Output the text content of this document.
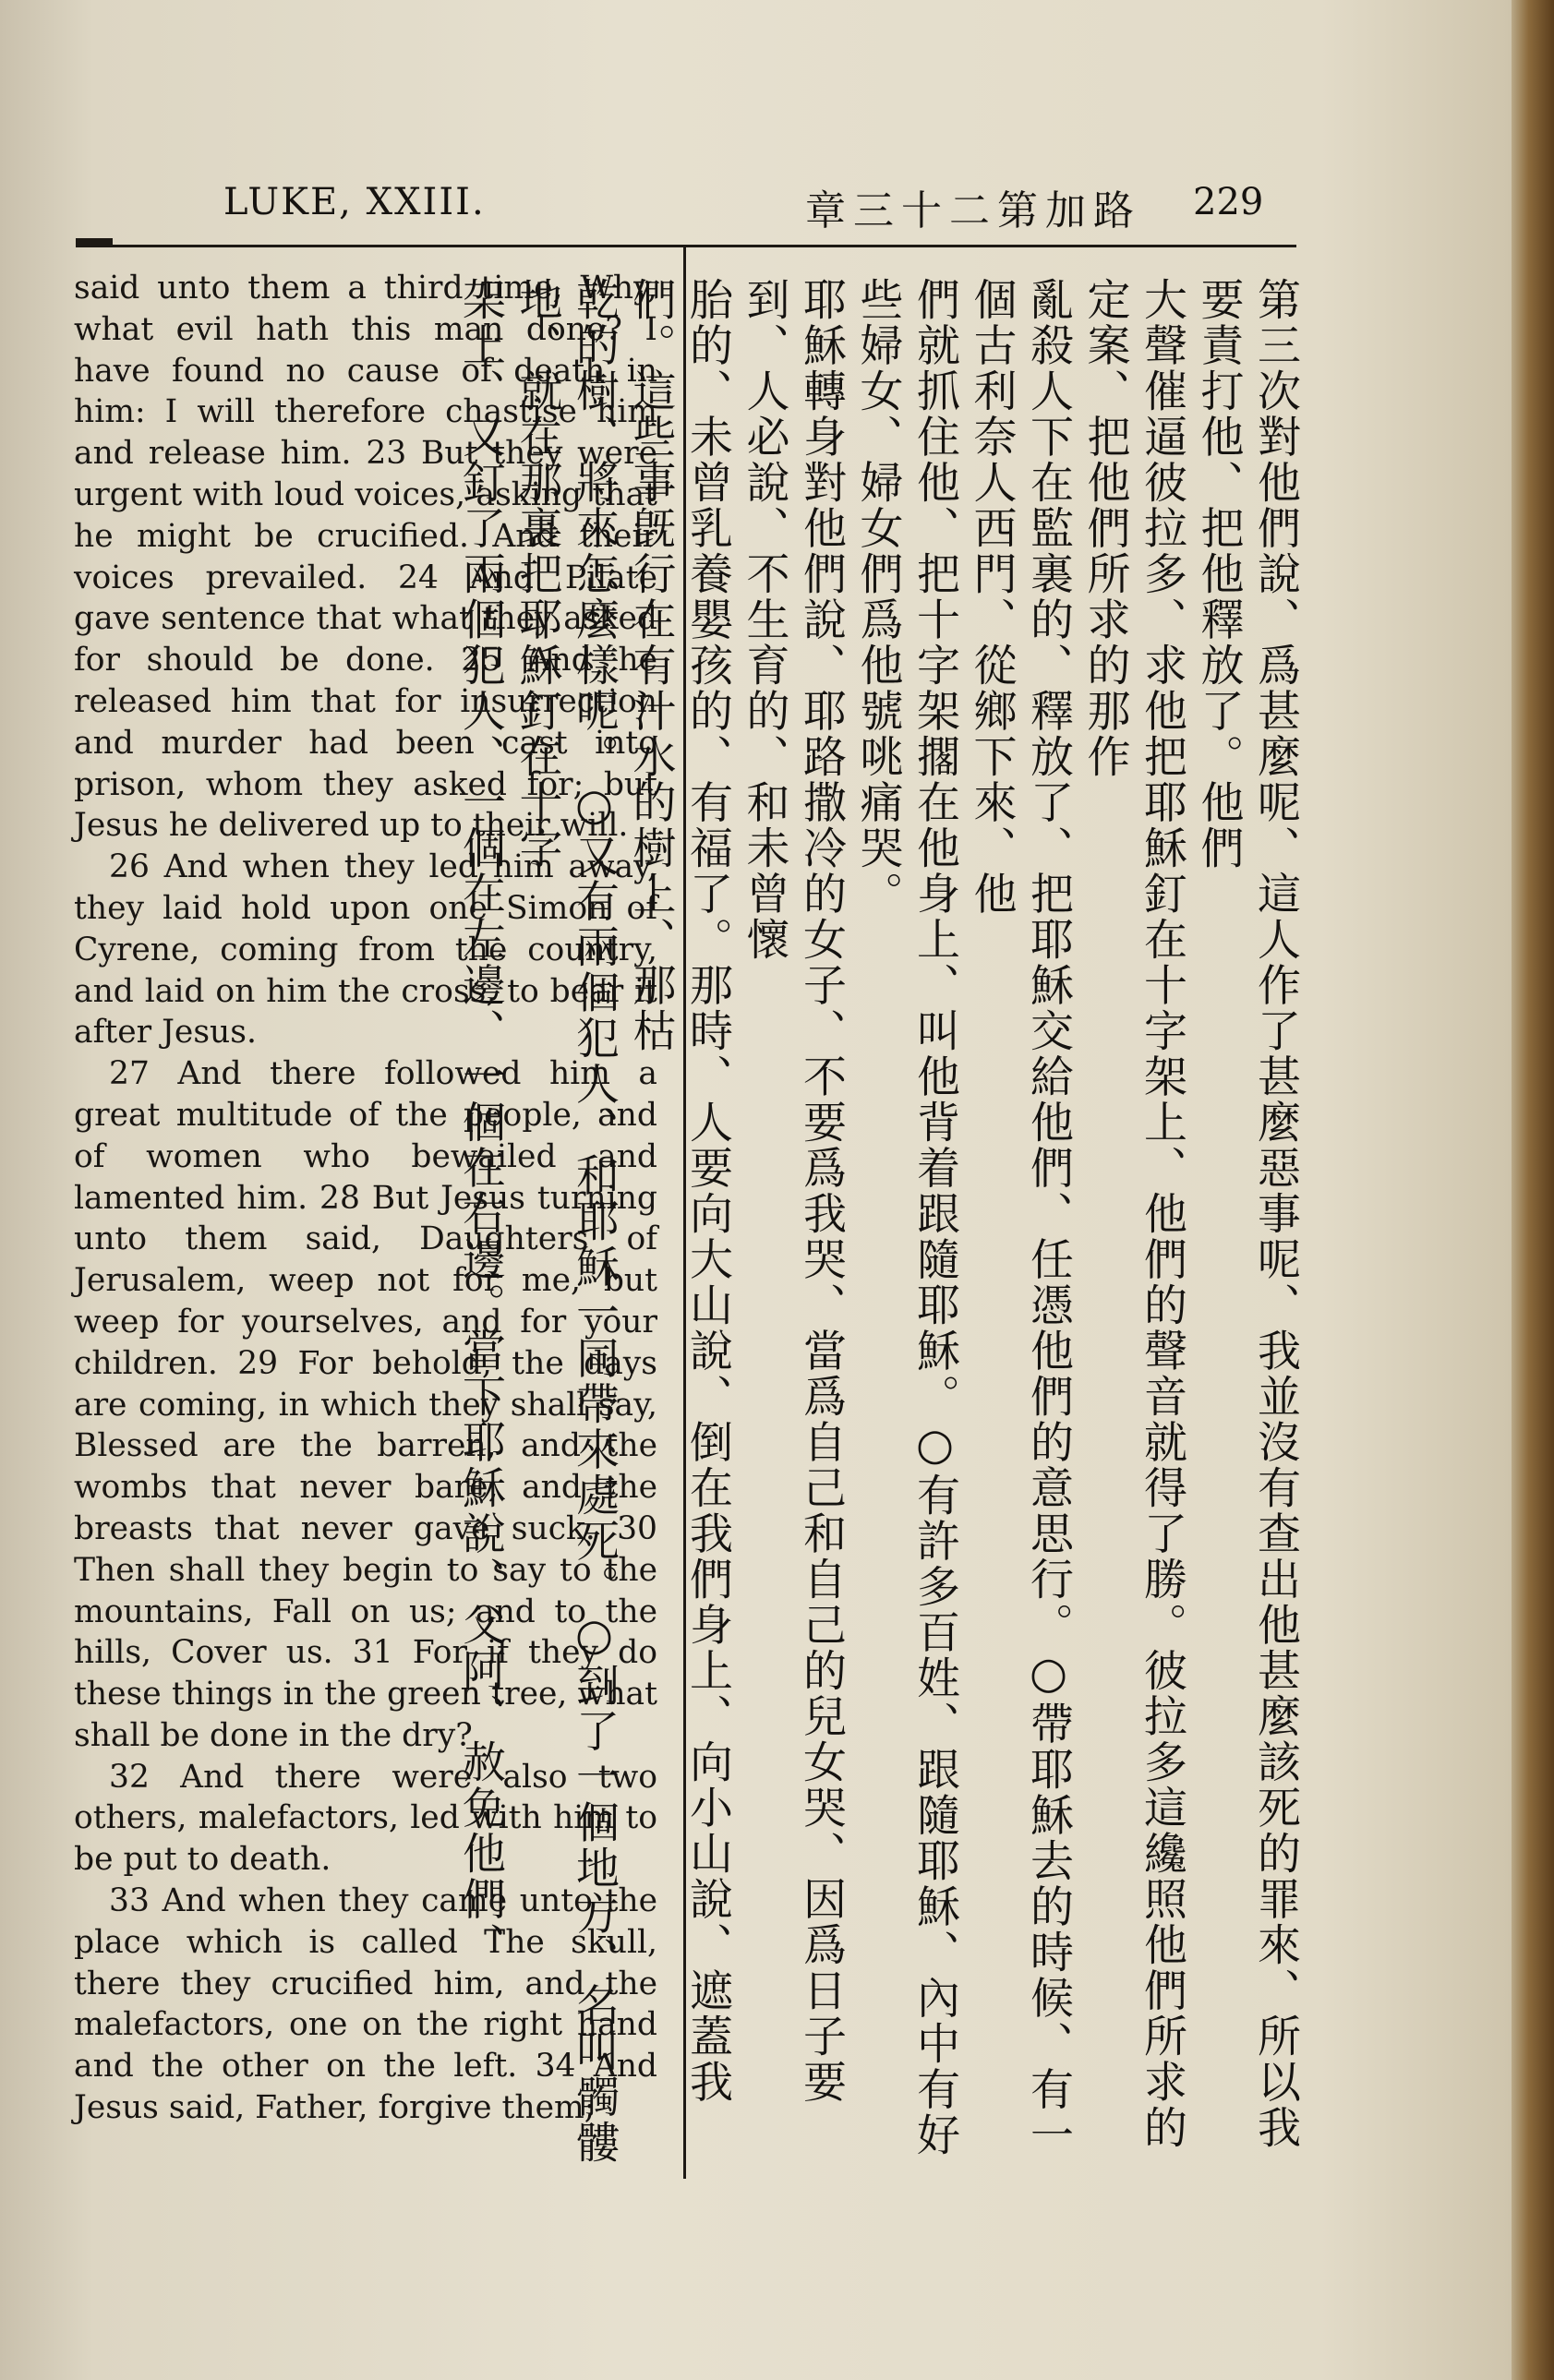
LUKE, XXIII.	章三十二第加路 229

said unto them a third time, Why, what evil hath this man done? I have found no cause of death in him: I will therefore chastise him and release him. 23 But they were urgent with loud voices, asking that he might be crucified. And their voices prevailed. 24 And Pilate gave sentence that what they asked for should be done. 25 And he released him that for insurrection and murder had been cast into prison, whom they asked for; but Jesus he delivered up to their will.

26 And when they led him away, they laid hold upon one Simon of Cyrene, coming from the country, and laid on him the cross, to bear it after Jesus.

27 And there followed him a great multitude of the people, and of women who bewailed and lamented him. 28 But Jesus turning unto them said, Daughters of Jerusalem, weep not for me, but weep for yourselves, and for your children. 29 For behold, the days are coming, in which they shall say, Blessed are the barren, and the wombs that never bare, and the breasts that never gave suck. 30 Then shall they begin to say to the mountains, Fall on us; and to the hills, Cover us. 31 For if they do these things in the green tree, what shall be done in the dry?

32 And there were also two others, malefactors, led with him to be put to death.

33 And when they came unto the place which is called The skull, there they crucified him, and the malefactors, one on the right hand and the other on the left. 34 And Jesus said, Father, forgive them;	第三次對他們說、爲甚麼呢、這人作了甚麼惡事呢、我並沒有查出他甚麼該死的罪來、所以我要責打他、把他釋放了。他們
大聲催逼彼拉多、求他把耶穌釘在十字架上、他們的聲音就得了勝。彼拉多這纔照他們所求的定案、把他們所求的那作
亂殺人下在監裏的、釋放了、把耶穌交給他們、任憑他們的意思行。○帶耶穌去的時候、有一個古利奈人西門、從鄉下來、他
們就抓住他、把十字架擱在他身上、叫他背着跟隨耶穌。○有許多百姓、跟隨耶穌、內中有好些婦女、婦女們爲他號咷痛哭。
耶穌轉身對他們說、耶路撒冷的女子、不要爲我哭、當爲自己和自己的兒女哭、因爲日子要到、人必說、不生育的、和未曾懷
胎的、未曾乳養嬰孩的、有福了。那時、人要向大山說、倒在我們身上、向小山說、遮蓋我們。這些事旣行在有汁水的樹上、那枯
乾的樹、將來怎麼樣呢。○又有兩個犯人、和耶穌一同帶來處死。○到了一個地方、名叫髑髏地、就在那裏把耶穌釘在十字
架上、又釘了兩個犯人、一個在左邊、一個在右邊。當下耶穌說、父阿、赦免他們、
